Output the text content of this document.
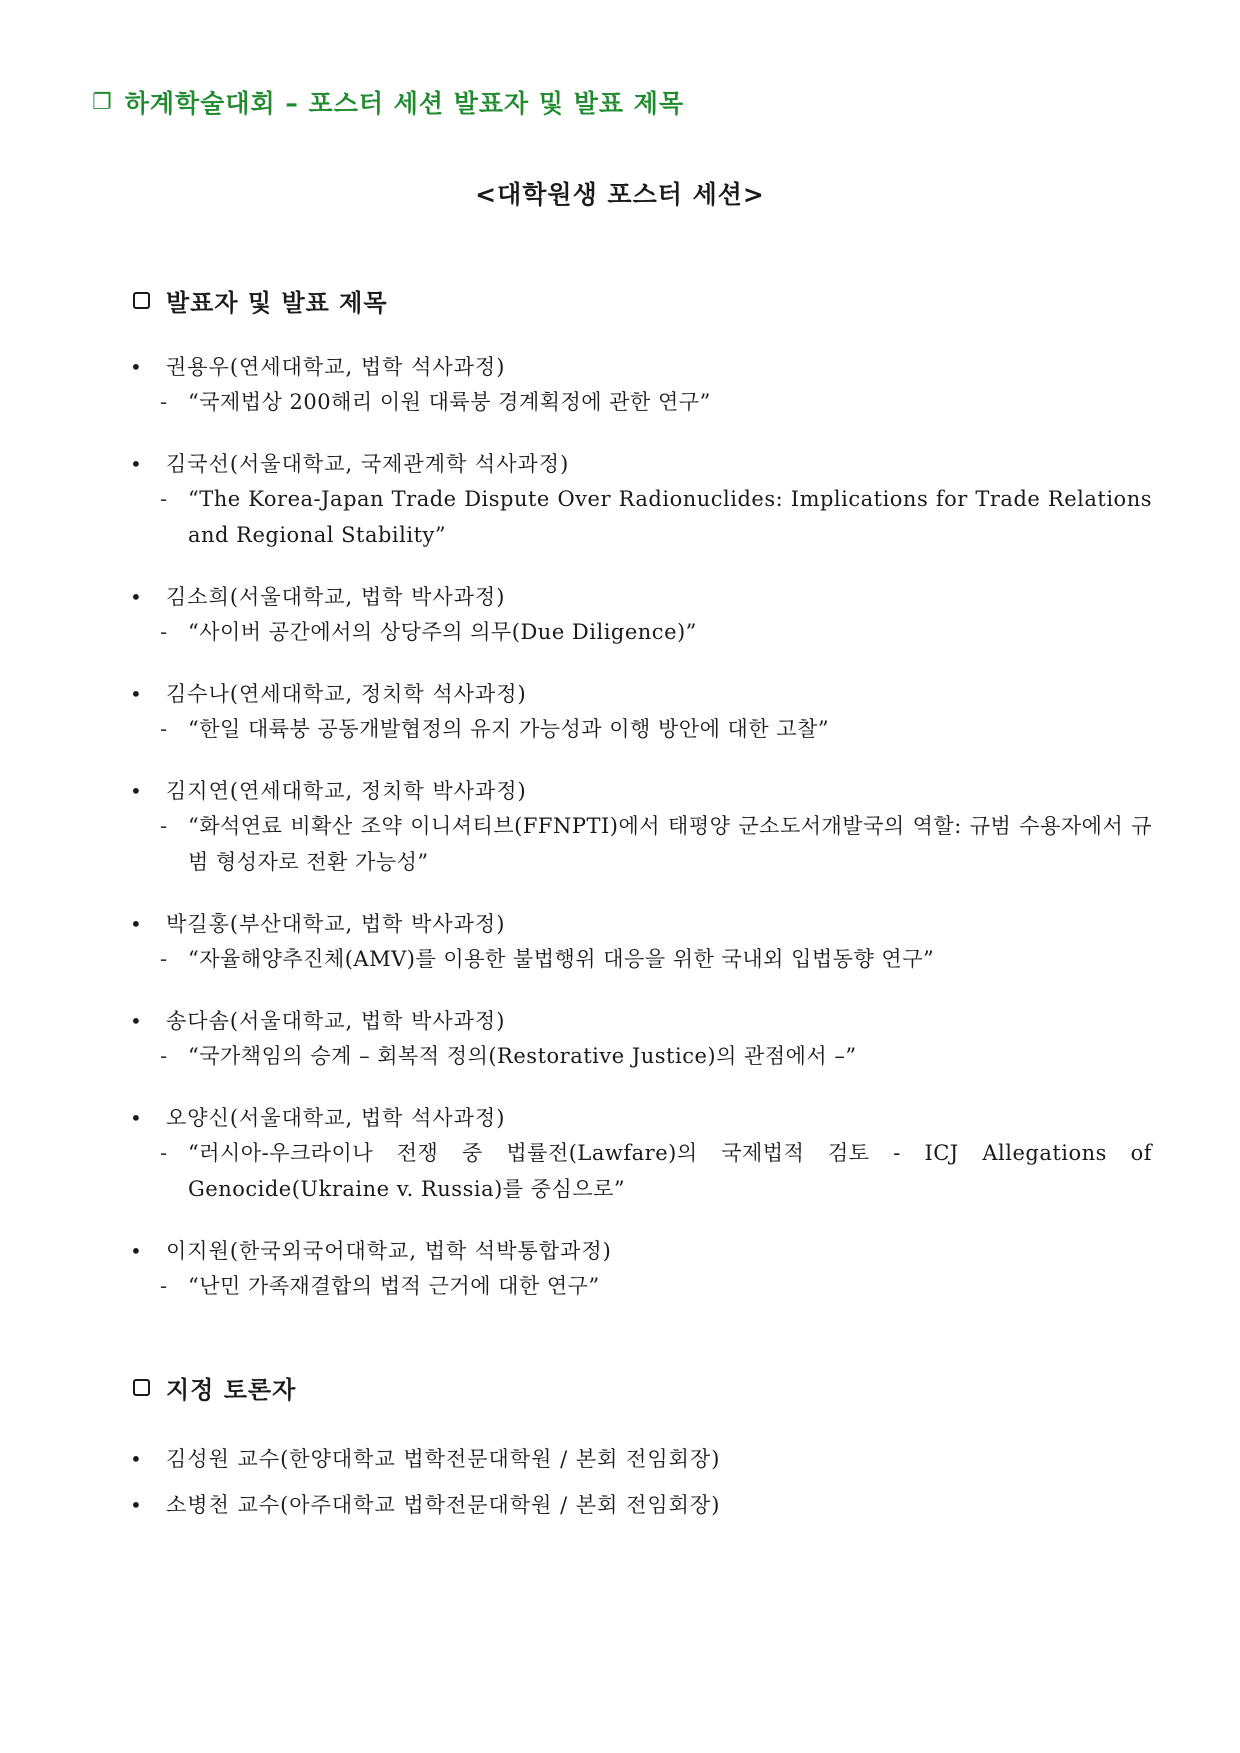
❐ 하계학술대회 – 포스터 세션 발표자 및 발표 제목
<대학원생 포스터 세션>
발표자 및 발표 제목
•	권용우(연세대학교, 법학 석사과정)
- “국제법상 200해리 이원 대륙붕 경계획정에 관한 연구”
•	김국선(서울대학교, 국제관계학 석사과정)
- “The Korea-Japan Trade Dispute Over Radionuclides: Implications for Trade Relations and Regional Stability”
•	김소희(서울대학교, 법학 박사과정)
- “사이버 공간에서의 상당주의 의무(Due Diligence)”
•	김수나(연세대학교, 정치학 석사과정)
- “한일 대륙붕 공동개발협정의 유지 가능성과 이행 방안에 대한 고찰”
•	김지연(연세대학교, 정치학 박사과정)
- “화석연료 비확산 조약 이니셔티브(FFNPTI)에서 태평양 군소도서개발국의 역할: 규범 수용자에서 규범 형성자로 전환 가능성”
•	박길홍(부산대학교, 법학 박사과정)
- “자율해양추진체(AMV)를 이용한 불법행위 대응을 위한 국내외 입법동향 연구”
•	송다솜(서울대학교, 법학 박사과정)
- “국가책임의 승계 – 회복적 정의(Restorative Justice)의 관점에서 –”
•	오양신(서울대학교, 법학 석사과정)
- “러시아-우크라이나 전쟁 중 법률전(Lawfare)의 국제법적 검토 - ICJ Allegations of Genocide(Ukraine v. Russia)를 중심으로”
•	이지원(한국외국어대학교, 법학 석박통합과정)
- “난민 가족재결합의 법적 근거에 대한 연구”
지정 토론자
•	김성원 교수(한양대학교 법학전문대학원 / 본회 전임회장)
•	소병천 교수(아주대학교 법학전문대학원 / 본회 전임회장)
